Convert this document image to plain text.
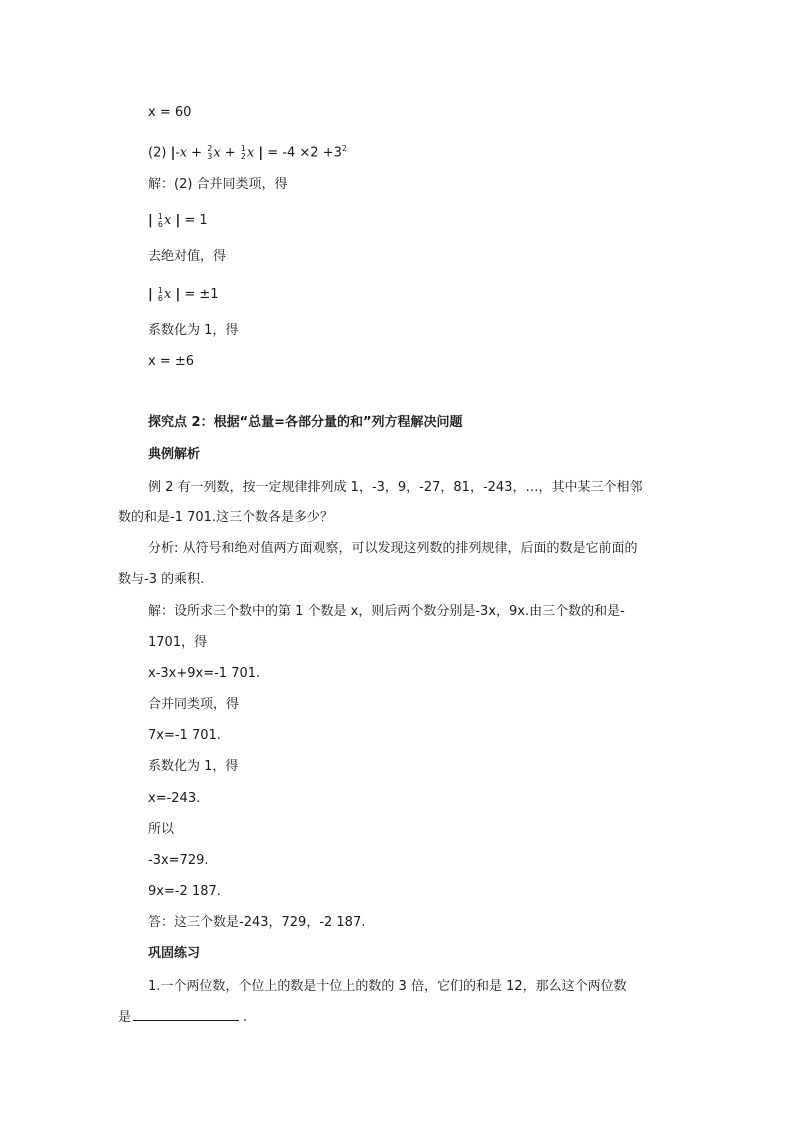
x = 60
(2) |-x + 2
3 x + 1
2 x | = $-4 \times 2 +3^2$
解：(2) 合并同类项，得
| 1
6 x | = 1
去绝对值，得
| 1
6 x | = ±1
系数化为 1，得
x = ±6
探究点 2：根据“总量=各部分量的和”列方程解决问题
典例解析
例 2 有一列数，按一定规律排列成 1，-3，9，-27，81，-243，…，其中某三个相邻
数的和是-1 701.这三个数各是多少？
分析: 从符号和绝对值两方面观察，可以发现这列数的排列规律，后面的数是它前面的
数与-3 的乘积.
解：设所求三个数中的第 1 个数是 x，则后两个数分别是-3x，9x.由三个数的和是-
1701，得
x-3x+9x=-1 701.
合并同类项，得
7x=-1 701.
系数化为 1，得
x=-243.
所以
-3x=729.
9x=-2 187.
答：这三个数是-243，729，-2 187.
巩固练习
1.一个两位数，个位上的数是十位上的数的 3 倍，它们的和是 12，那么这个两位数
是	.
